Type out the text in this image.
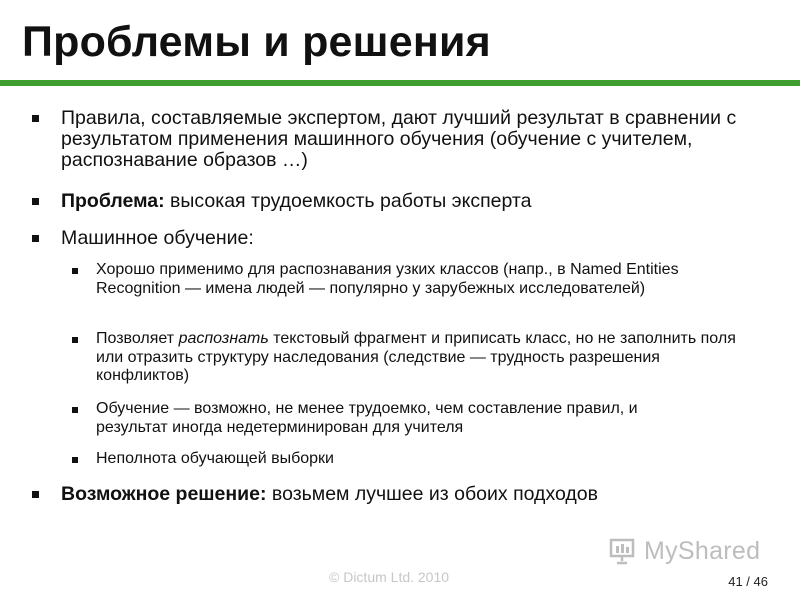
Проблемы и решения

Правила, составляемые экспертом, дают лучший результат в сравнении с результатом применения машинного обучения (обучение с учителем, распознавание образов …)

Проблема: высокая трудоемкость работы эксперта

Машинное обучение:

Хорошо применимо для распознавания узких классов (напр., в Named Entities Recognition — имена людей — популярно у зарубежных исследователей)

Позволяет распознать текстовый фрагмент и приписать класс, но не заполнить поля или отразить структуру наследования (следствие — трудность разрешения конфликтов)

Обучение — возможно, не менее трудоемко, чем составление правил, и результат иногда недетерминирован для учителя

Неполнота обучающей выборки

Возможное решение: возьмем лучшее из обоих подходов

MyShared
© Dictum Ltd. 2010	41 / 46
